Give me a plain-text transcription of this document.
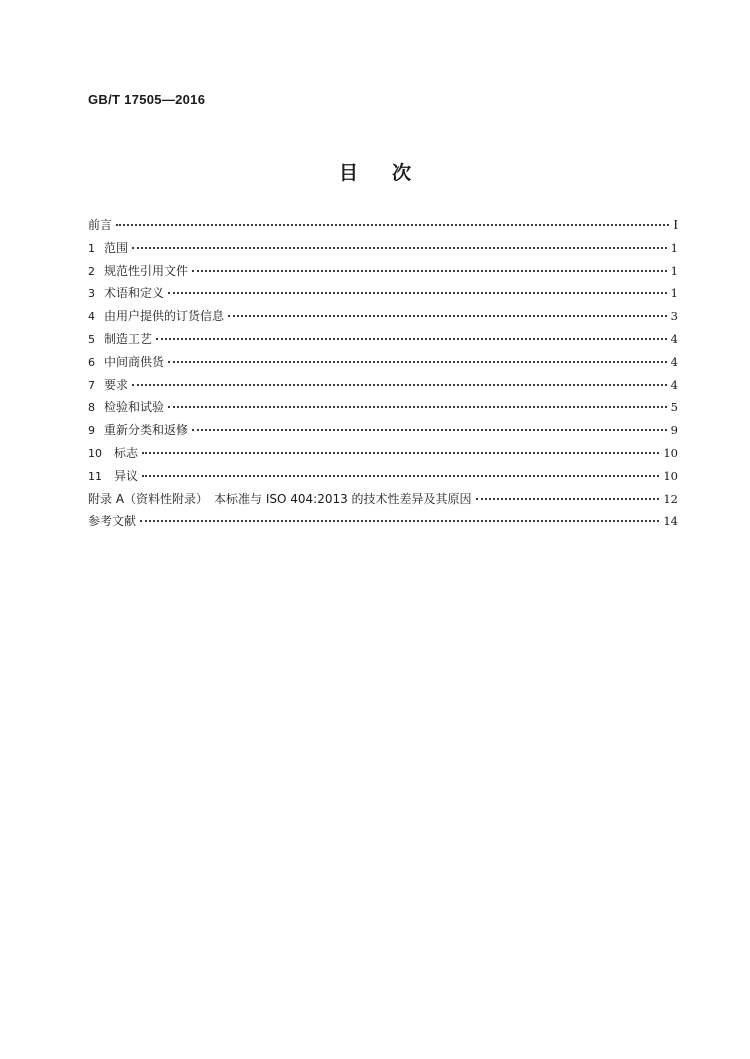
GB/T 17505—2016
目次
前言	I
1 范围	1
2 规范性引用文件	1
3 术语和定义	1
4 由用户提供的订货信息	3
5 制造工艺	4
6 中间商供货	4
7 要求	4
8 检验和试验	5
9 重新分类和返修	9
10 标志	10
11 异议	10
附录 A（资料性附录）　本标准与 ISO 404:2013 的技术性差异及其原因	12
参考文献	14
